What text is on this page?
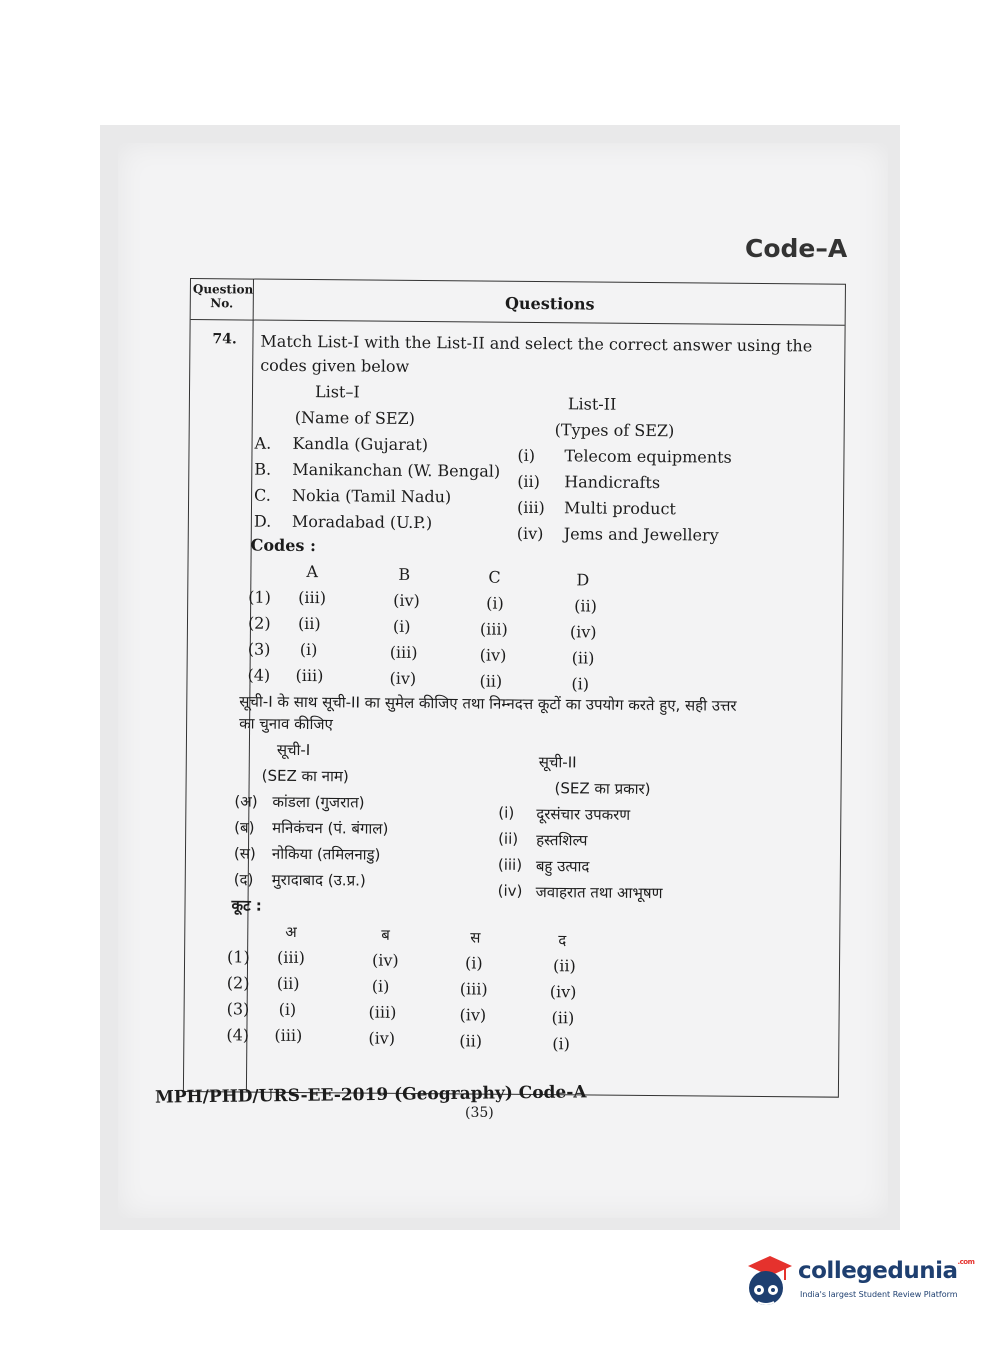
Code–A
Question No.	Questions
74. Match List-I with the List-II and select the correct answer using the
codes given below
List–I
(Name of SEZ)
List-II
(Types of SEZ)
A. Kandla (Gujarat)
B. Manikanchan (W. Bengal)
C. Nokia (Tamil Nadu)
D. Moradabad (U.P.)
(i) Telecom equipments
(ii) Handicrafts
(iii) Multi product
(iv) Jems and Jewellery
Codes :
A	B	C	D
(1) (iii)	(iv)	(i)	(ii)
(2) (ii)	(i)	(iii)	(iv)
(3) (i)	(iii)	(iv)	(ii)
(4) (iii)	(iv)	(ii)	(i)
सूची-I के साथ सूची-II का सुमेल कीजिए तथा निम्नदत्त कूटों का उपयोग करते हुए, सही उत्तर
का चुनाव कीजिए
सूची-I
(SEZ का नाम)
सूची-II
(SEZ का प्रकार)
(अ) कांडला (गुजरात)
(ब) मनिकंचन (पं. बंगाल)
(स) नोकिया (तमिलनाडु)
(द) मुरादाबाद (उ.प्र.)
(i) दूरसंचार उपकरण
(ii) हस्तशिल्प
(iii) बहु उत्पाद
(iv) जवाहरात तथा आभूषण
कूट :
अ	ब	स	द
(1) (iii)	(iv)	(i)	(ii)
(2) (ii)	(i)	(iii)	(iv)
(3) (i)	(iii)	(iv)	(ii)
(4) (iii)	(iv)	(ii)	(i)
MPH/PHD/URS-EE-2019 (Geography) Code-A
(35)
collegedunia$^{.com}$
India's largest Student Review Platform
